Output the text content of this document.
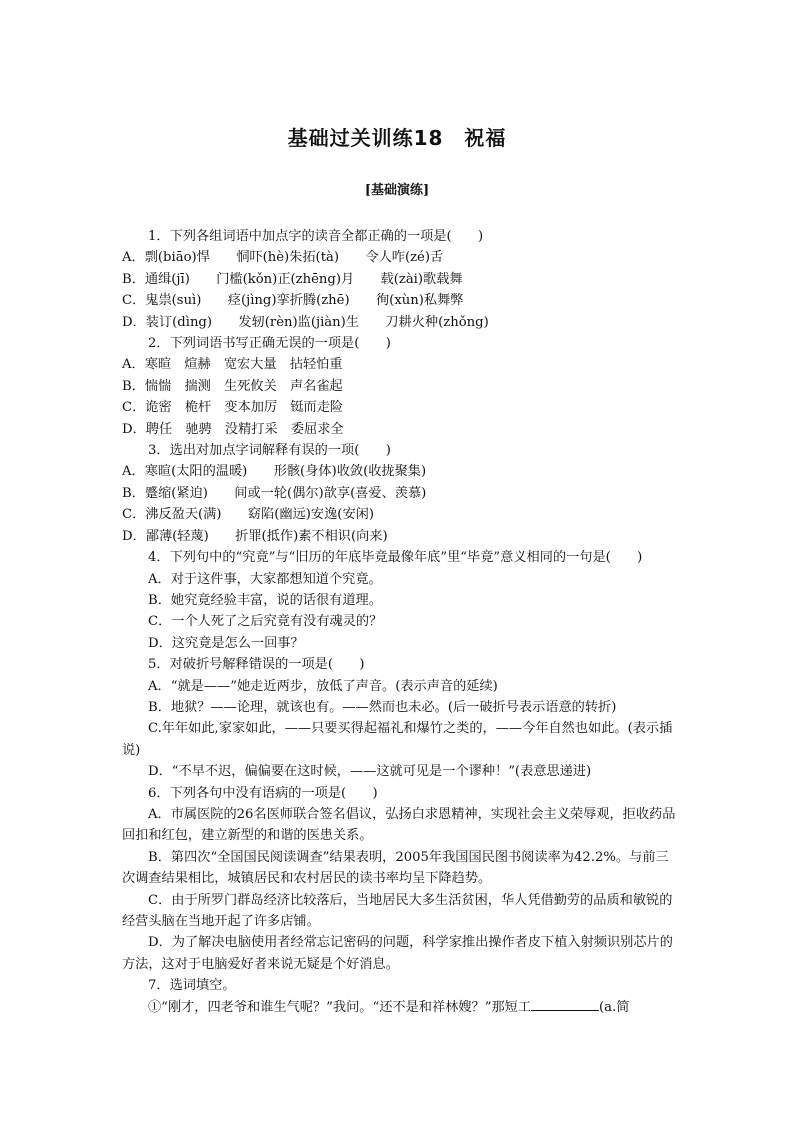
基础过关训练18　祝福
[基础演练]
1．下列各组词语中加点字的读音全都正确的一项是(　　)
A．剽(biāo)悍　　恫吓(hè)朱拓(tà)　　令人咋(zé)舌
B．通缉(jī)　　门槛(kǒn)正(zhēng)月　　载(zài)歌载舞
C．鬼祟(suì)　　痉(jìng)挛折腾(zhē)　　徇(xùn)私舞弊
D．装订(dìng)　　发轫(rèn)监(jiàn)生　　刀耕火种(zhǒng)
2．下列词语书写正确无误的一项是(　　)
A．寒暄　煊赫　宽宏大量　拈轻怕重
B．惴惴　揣测　生死攸关　声名雀起
C．诡密　桅杆　变本加厉　铤而走险
D．聘任　驰骋　没精打采　委屈求全
3．选出对加点字词解释有误的一项(　　)
A．寒暄(太阳的温暖)　　形骸(身体)收敛(收拢聚集)
B．蹙缩(紧迫)　　间或一轮(偶尔)歆享(喜爱、羡慕)
C．沸反盈天(满)　　窈陷(幽远)安逸(安闲)
D．鄙薄(轻蔑)　　折罪(抵作)素不相识(向来)
4．下列句中的“究竟”与“旧历的年底毕竟最像年底”里“毕竟”意义相同的一句是(　　)
A．对于这件事，大家都想知道个究竟。
B．她究竟经验丰富，说的话很有道理。
C．一个人死了之后究竟有没有魂灵的？
D．这究竟是怎么一回事？
5．对破折号解释错误的一项是(　　)
A．“就是——”她走近两步，放低了声音。(表示声音的延续)
B．地狱？——论理，就该也有。——然而也未必。(后一破折号表示语意的转折)
C.年年如此,家家如此，——只要买得起福礼和爆竹之类的，——今年自然也如此。(表示插说)
D．“不早不迟，偏偏要在这时候，——这就可见是一个谬种！”(表意思递进)
6．下列各句中没有语病的一项是(　　)
A．市属医院的26名医师联合签名倡议，弘扬白求恩精神，实现社会主义荣辱观，拒收药品回扣和红包，建立新型的和谐的医患关系。
B．第四次“全国国民阅读调查”结果表明，2005年我国国民图书阅读率为42.2%。与前三次调查结果相比，城镇居民和农村居民的读书率均呈下降趋势。
C．由于所罗门群岛经济比较落后，当地居民大多生活贫困，华人凭借勤劳的品质和敏锐的经营头脑在当地开起了许多店铺。
D．为了解决电脑使用者经常忘记密码的问题，科学家推出操作者皮下植入射频识别芯片的方法，这对于电脑爱好者来说无疑是个好消息。
7．选词填空。
①“刚才，四老爷和谁生气呢？”我问。“还不是和祥林嫂？”那短工	(a.简
